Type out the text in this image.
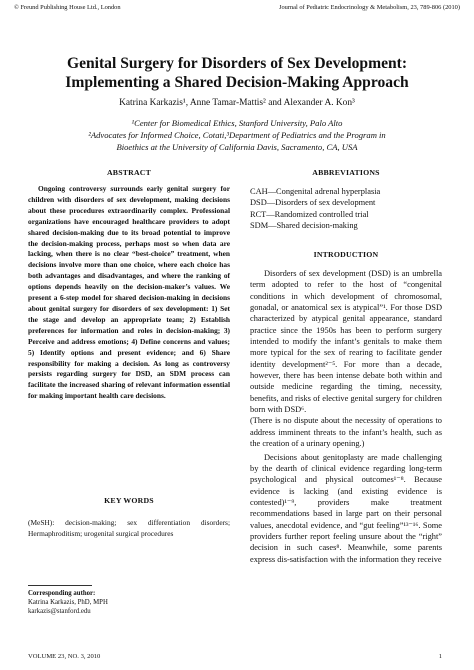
© Freund Publishing House Ltd., London	Journal of Pediatric Endocrinology & Metabolism, 23, 789-806 (2010)
Genital Surgery for Disorders of Sex Development:
Implementing a Shared Decision-Making Approach
Katrina Karkazis¹, Anne Tamar-Mattis² and Alexander A. Kon³
¹Center for Biomedical Ethics, Stanford University, Palo Alto
²Advocates for Informed Choice, Cotati,³Department of Pediatrics and the Program in
Bioethics at the University of California Davis, Sacramento, CA, USA
ABSTRACT

Ongoing controversy surrounds early genital surgery for children with disorders of sex development, making decisions about these procedures extraordinarily complex. Professional organizations have encouraged healthcare providers to adopt shared decision-making due to its broad potential to improve the decision-making process, perhaps most so when data are lacking, when there is no clear “best-choice” treatment, when decisions involve more than one choice, where each choice has both advantages and disadvantages, and where the ranking of options depends heavily on the decision-maker’s values. We present a 6-step model for shared decision-making in decisions about genital surgery for disorders of sex development: 1) Set the stage and develop an appropriate team; 2) Establish preferences for information and roles in decision-making; 3) Perceive and address emotions; 4) Define concerns and values; 5) Identify options and present evidence; and 6) Share responsibility for making a decision. As long as controversy persists regarding surgery for DSD, an SDM process can facilitate the increased sharing of relevant information essential for making important health care decisions.

KEY WORDS

(MeSH): decision-making; sex differentiation disorders; Hermaphroditism; urogenital surgical procedures

Corresponding author:
Katrina Karkazis, PhD, MPH
karkazis@stanford.edu
ABBREVIATIONS
CAH—Congenital adrenal hyperplasia
DSD—Disorders of sex development
RCT—Randomized controlled trial
SDM—Shared decision-making
INTRODUCTION

Disorders of sex development (DSD) is an umbrella term adopted to refer to the host of “congenital conditions in which development of chromosomal, gonadal, or anatomical sex is atypical”¹. For those DSD characterized by atypical genital appearance, standard practice since the 1950s has been to perform surgery intended to modify the infant’s genitals to make them more typical for the sex of rearing to facilitate gender identity development²⁻⁵. For more than a decade, however, there has been intense debate both within and outside medicine regarding the timing, necessity, benefits, and risks of elective genital surgery for children born with DSD⁶.

(There is no dispute about the necessity of operations to address imminent threats to the infant’s health, such as the creation of a urinary opening.)

Decisions about genitoplasty are made challenging by the dearth of clinical evidence regarding long-term psychological and physical outcomes¹⁻⁸. Because evidence is lacking (and existing evidence is contested)¹⁻⁹, providers make treatment recommendations based in large part on their personal values, anecdotal evidence, and “gut feeling”¹³⁻¹⁶. Some providers further report feeling unsure about the “right” decision in such cases⁸. Meanwhile, some parents express dis-satisfaction with the information they receive

VOLUME 23, NO. 3, 2010	1
